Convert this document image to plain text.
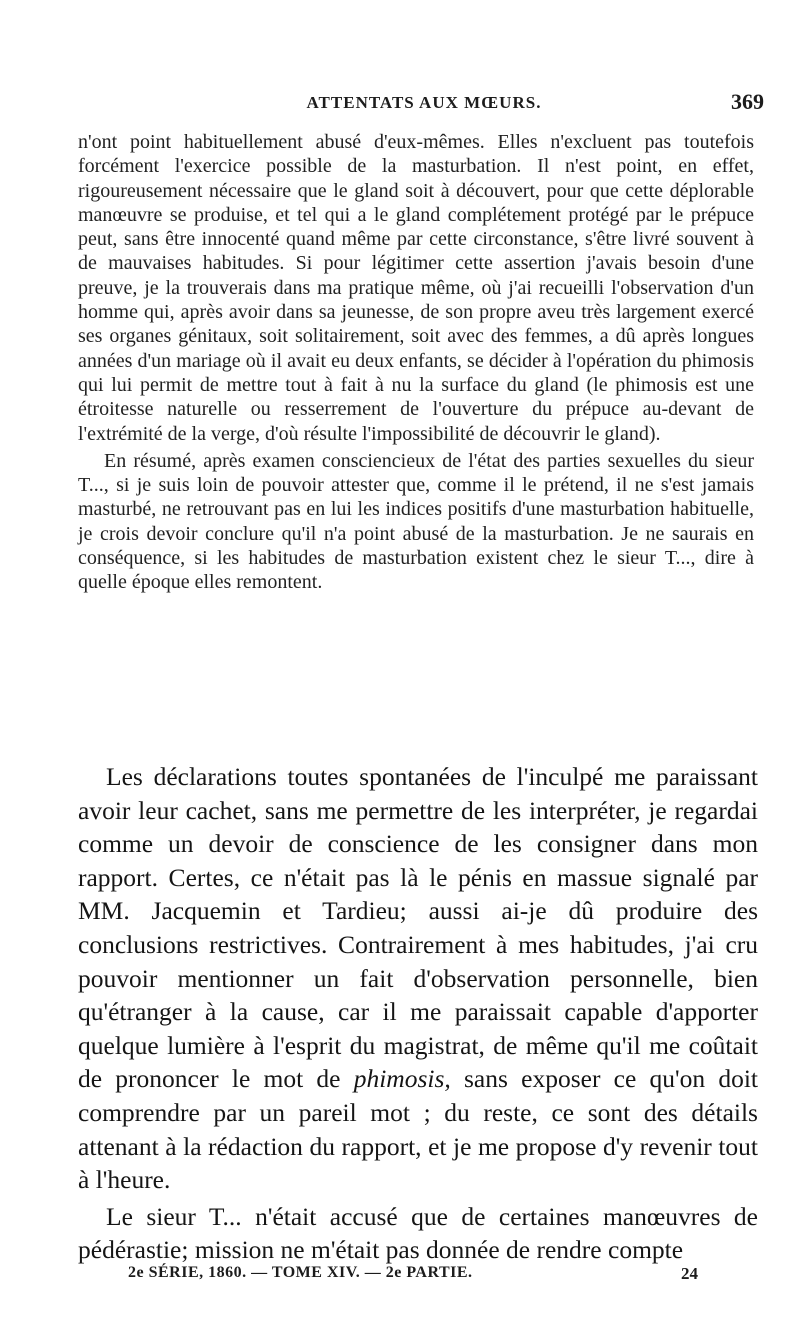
ATTENTATS AUX MŒURS.	369

n'ont point habituellement abusé d'eux-mêmes. Elles n'excluent pas toutefois forcément l'exercice possible de la masturbation. Il n'est point, en effet, rigoureusement nécessaire que le gland soit à découvert, pour que cette déplorable manœuvre se produise, et tel qui a le gland complétement protégé par le prépuce peut, sans être innocenté quand même par cette circonstance, s'être livré souvent à de mauvaises habitudes. Si pour légitimer cette assertion j'avais besoin d'une preuve, je la trouverais dans ma pratique même, où j'ai recueilli l'observation d'un homme qui, après avoir dans sa jeunesse, de son propre aveu très largement exercé ses organes génitaux, soit solitairement, soit avec des femmes, a dû après longues années d'un mariage où il avait eu deux enfants, se décider à l'opération du phimosis qui lui permit de mettre tout à fait à nu la surface du gland (le phimosis est une étroitesse naturelle ou resserrement de l'ouverture du prépuce au-devant de l'extrémité de la verge, d'où résulte l'impossibilité de découvrir le gland).

En résumé, après examen consciencieux de l'état des parties sexuelles du sieur T..., si je suis loin de pouvoir attester que, comme il le prétend, il ne s'est jamais masturbé, ne retrouvant pas en lui les indices positifs d'une masturbation habituelle, je crois devoir conclure qu'il n'a point abusé de la masturbation. Je ne saurais en conséquence, si les habitudes de masturbation existent chez le sieur T..., dire à quelle époque elles remontent.

Les déclarations toutes spontanées de l'inculpé me paraissant avoir leur cachet, sans me permettre de les interpréter, je regardai comme un devoir de conscience de les consigner dans mon rapport. Certes, ce n'était pas là le pénis en massue signalé par MM. Jacquemin et Tardieu; aussi ai-je dû produire des conclusions restrictives. Contrairement à mes habitudes, j'ai cru pouvoir mentionner un fait d'observation personnelle, bien qu'étranger à la cause, car il me paraissait capable d'apporter quelque lumière à l'esprit du magistrat, de même qu'il me coûtait de prononcer le mot de phimosis, sans exposer ce qu'on doit comprendre par un pareil mot ; du reste, ce sont des détails attenant à la rédaction du rapport, et je me propose d'y revenir tout à l'heure.

Le sieur T... n'était accusé que de certaines manœuvres de pédérastie; mission ne m'était pas donnée de rendre compte

2e SÉRIE, 1860. — TOME XIV. — 2e PARTIE.	24
